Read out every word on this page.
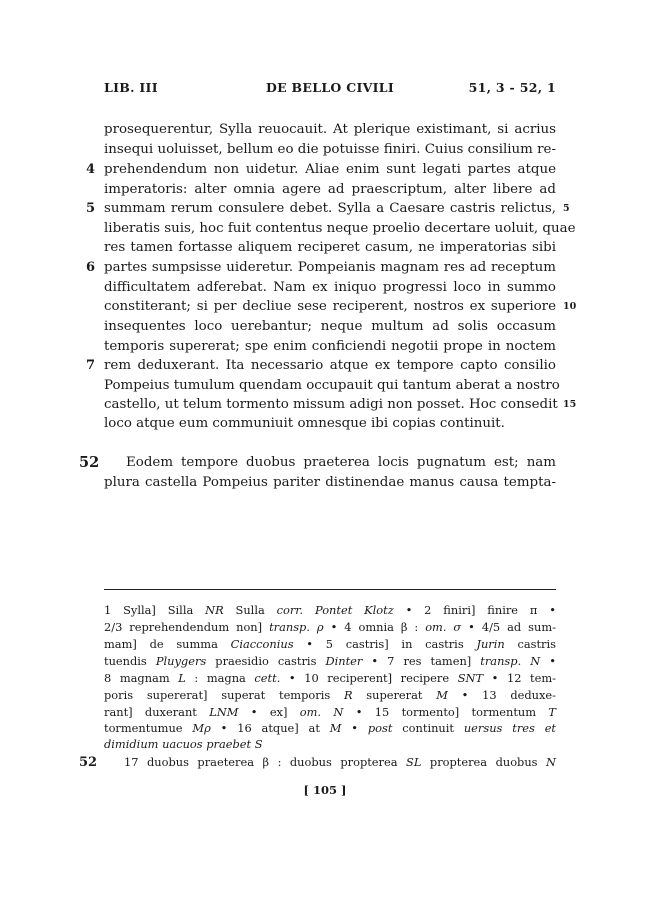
LIB. III	DE BELLO CIVILI	51, 3 - 52, 1
prosequerentur, Sylla reuocauit. At plerique existimant, si acrius
insequi uoluisset, bellum eo die potuisse finiri. Cuius consilium re-
4 prehendendum non uidetur. Aliae enim sunt legati partes atque
imperatoris: alter omnia agere ad praescriptum, alter libere ad
5 summam rerum consulere debet. Sylla a Caesare castris relictus, 5
liberatis suis, hoc fuit contentus neque proelio decertare uoluit, quae
res tamen fortasse aliquem reciperet casum, ne imperatorias sibi
6 partes sumpsisse uideretur. Pompeianis magnam res ad receptum
difficultatem adferebat. Nam ex iniquo progressi loco in summo
constiterant; si per decliue sese reciperent, nostros ex superiore 10
insequentes loco uerebantur; neque multum ad solis occasum
temporis supererat; spe enim conficiendi negotii prope in noctem
7 rem deduxerant. Ita necessario atque ex tempore capto consilio
Pompeius tumulum quendam occupauit qui tantum aberat a nostro
castello, ut telum tormento missum adigi non posset. Hoc consedit 15
loco atque eum communiuit omnesque ibi copias continuit.
52	Eodem tempore duobus praeterea locis pugnatum est; nam
plura castella Pompeius pariter distinendae manus causa tempta-
1 Sylla] Silla NR Sulla corr. Pontet Klotz • 2 finiri] finire π •
2/3 reprehendendum non] transp. ρ • 4 omnia β : om. σ • 4/5 ad sum-
mam] de summa Ciacconius • 5 castris] in castris Jurin castris
tuendis Pluygers praesidio castris Dinter • 7 res tamen] transp. N •
8 magnam L : magna cett. • 10 reciperent] recipere SNT • 12 tem-
poris supererat] superat temporis R supererat M • 13 deduxe-
rant] duxerant LNM • ex] om. N • 15 tormento] tormentum T
tormentumue Mρ • 16 atque] at M • post continuit uersus tres et
dimidium uacuos praebet S
52	17 duobus praeterea β : duobus propterea SL propterea duobus N
[ 105 ]
